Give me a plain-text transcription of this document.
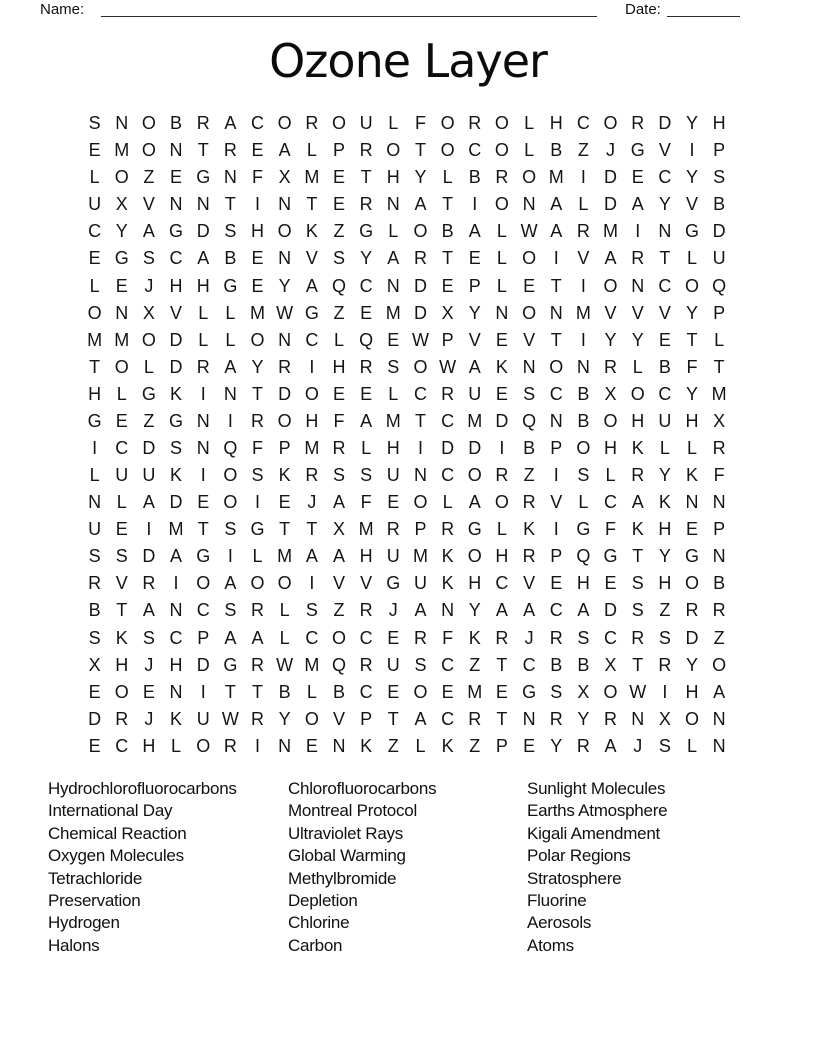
Name:	Date:
Ozone Layer
S N O B R A C O R O U L F O R O L H C O R D Y H
E M O N T R E A L P R O T O C O L B Z J G V	I	P
L O Z E G N F X M E T H Y L B R O M I	D E C Y S
U X V N N T	I	N T E R N A T	I O N A L D A Y V B
C Y A G D S H O K Z G L O B A L W A R M I	N G D
E G S C A B E N V S Y A R T E L O I	V A R T L U
L E J H H G E Y A Q C N D E P L E T	I O N C O Q
O N X V L L M W G Z E M D X Y N O N M V V V Y P
M M O D L L O N C L Q E W P V E V T	I	Y Y E T L
T O L D R A Y R	I	H R S O W A K N O N R L B F T
H L G K	I	N T D O E E L C R U E S C B X O C Y M
G E Z G N	I	R O H F A M T C M D Q N B O H U H X
I	C D S N Q F P M R L H	I	D D	I	B P O H K L L R
L U U K	I O S K R S S U N C O R Z	I	S L R Y K F
N L A D E O I	E J A F E O L A O R V L C A K N N
U E	I M T S G T T X M R P R G L K	I G F K H E P
S S D A G I	L M A A H U M K O H R P Q G T Y G N
R V R	I O A O O I	V V G U K H C V E H E S H O B
B T A N C S R L S Z R J A N Y A A C A D S Z R R
S K S C P A A L C O C E R F K R J R S C R S D Z
X H J H D G R W M Q R U S C Z T C B B X T R Y O
E O E N	I	T T B L B C E O E M E G S X O W I	H A
D R J K U W R Y O V P T A C R T N R Y R N X O N
E C H L O R	I	N E N K Z L K Z P E Y R A J S L N
Hydrochlorofluorocarbons
International Day
Chemical Reaction
Oxygen Molecules
Tetrachloride
Preservation
Hydrogen
Halons
Chlorofluorocarbons
Montreal Protocol
Ultraviolet Rays
Global Warming
Methylbromide
Depletion
Chlorine
Carbon
Sunlight Molecules
Earths Atmosphere
Kigali Amendment
Polar Regions
Stratosphere
Fluorine
Aerosols
Atoms
